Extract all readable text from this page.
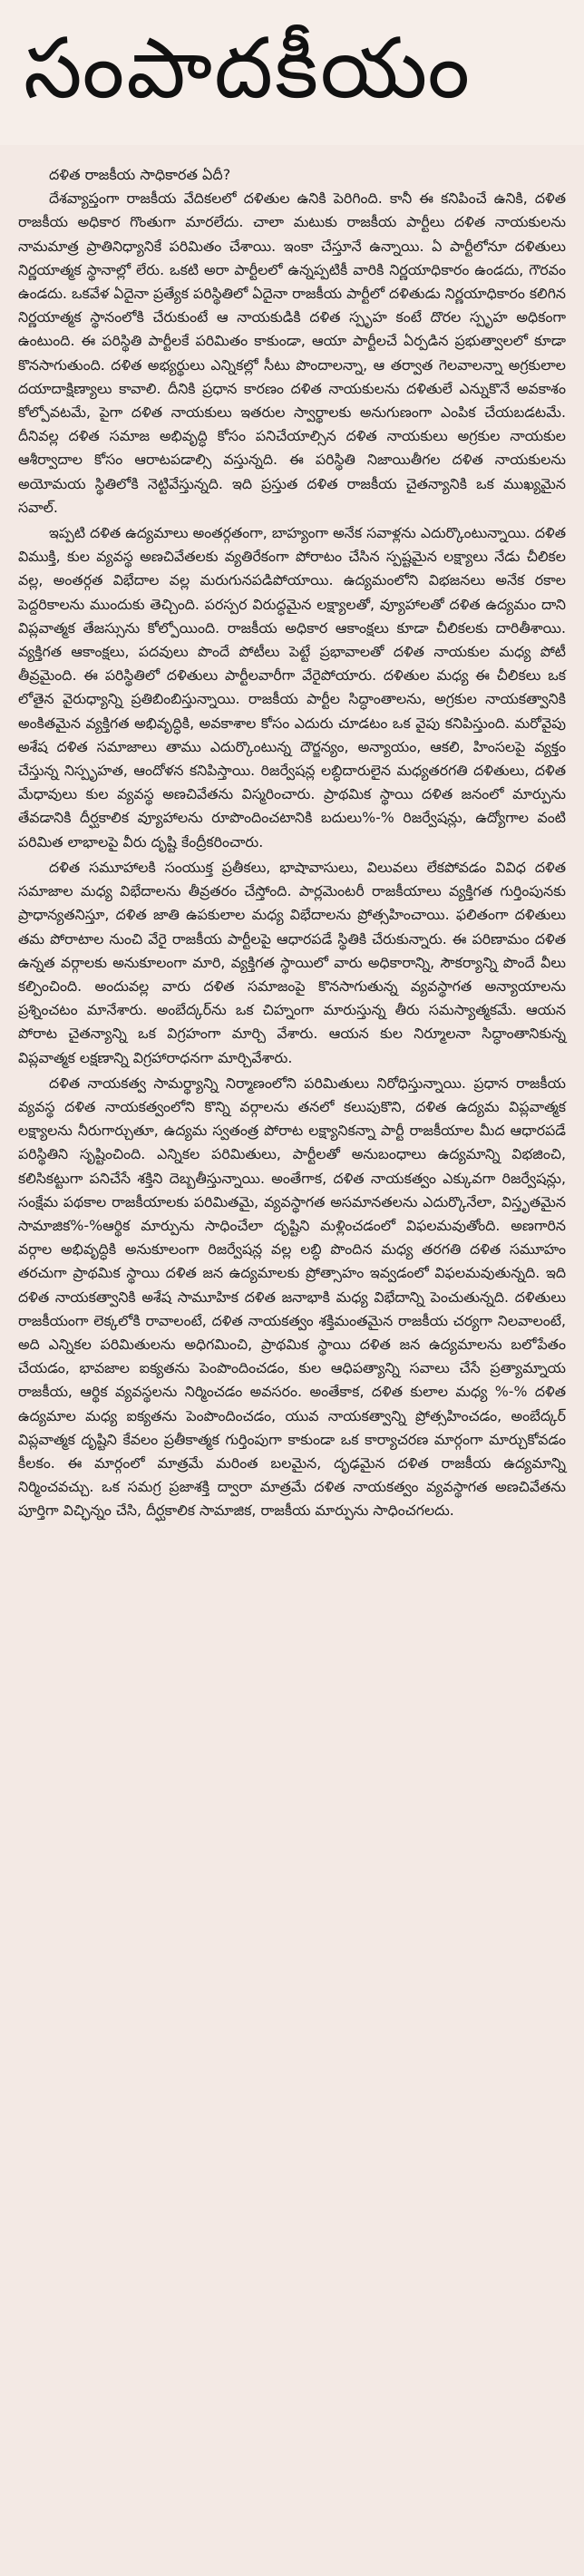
సంపాదకీయం
దళిత రాజకీయ సాధికారత ఏదీ?

దేశవ్యాప్తంగా రాజకీయ వేదికలలో దళితుల ఉనికి పెరిగింది. కానీ ఈ కనిపించే ఉనికి, దళిత రాజకీయ అధికార గొంతుగా మారలేదు. చాలా మటుకు రాజకీయ పార్టీలు దళిత నాయకులను నామమాత్ర ప్రాతినిధ్యానికే పరిమితం చేశాయి. ఇంకా చేస్తూనే ఉన్నాయి. ఏ పార్టీలోనూ దళితులు నిర్ణయాత్మక స్థానాల్లో లేరు. ఒకటి అరా పార్టీలలో ఉన్నప్పటికీ వారికి నిర్ణయాధికారం ఉండదు, గౌరవం ఉండదు. ఒకవేళ ఏదైనా ప్రత్యేక పరిస్థితిలో ఏదైనా రాజకీయ పార్టీలో దళితుడు నిర్ణయాధికారం కలిగిన నిర్ణయాత్మక స్థానంలోకి చేరుకుంటే ఆ నాయకుడికి దళిత స్పృహ కంటే దొరల స్పృహ అధికంగా ఉంటుంది. ఈ పరిస్థితి పార్టీలకే పరిమితం కాకుండా, ఆయా పార్టీలచే ఏర్పడిన ప్రభుత్వాలలో కూడా కొనసాగుతుంది. దళిత అభ్యర్థులు ఎన్నికల్లో సీటు పొందాలన్నా, ఆ తర్వాత గెలవాలన్నా అగ్రకులాల దయాదాక్షిణ్యాలు కావాలి. దీనికి ప్రధాన కారణం దళిత నాయకులను దళితులే ఎన్నుకొనే అవకాశం కోల్పోవటమే, పైగా దళిత నాయకులు ఇతరుల స్వార్థాలకు అనుగుణంగా ఎంపిక చేయబడటమే. దీనివల్ల దళిత సమాజ అభివృద్ధి కోసం పనిచేయాల్సిన దళిత నాయకులు అగ్రకుల నాయకుల ఆశీర్వాదాల కోసం ఆరాటపడాల్సి వస్తున్నది. ఈ పరిస్థితి నిజాయితీగల దళిత నాయకులను అయోమయ స్థితిలోకి నెట్టివేస్తున్నది. ఇది ప్రస్తుత దళిత రాజకీయ చైతన్యానికి ఒక ముఖ్యమైన సవాల్.

ఇప్పటి దళిత ఉద్యమాలు అంతర్గతంగా, బాహ్యంగా అనేక సవాళ్లను ఎదుర్కొంటున్నాయి. దళిత విముక్తి, కుల వ్యవస్థ అణచివేతలకు వ్యతిరేకంగా పోరాటం చేసిన స్పష్టమైన లక్ష్యాలు నేడు చీలికల వల్ల, అంతర్గత విభేదాల వల్ల మరుగునపడిపోయాయి. ఉద్యమంలోని విభజనలు అనేక రకాల పెద్దరికాలను ముందుకు తెచ్చింది. పరస్పర విరుద్ధమైన లక్ష్యాలతో, వ్యూహాలతో దళిత ఉద్యమం దాని విప్లవాత్మక తేజస్సును కోల్పోయింది. రాజకీయ అధికార ఆకాంక్షలు కూడా చీలికలకు దారితీశాయి. వ్యక్తిగత ఆకాంక్షలు, పదవులు పొందే పోటీలు పెట్టే ప్రభావాలతో దళిత నాయకుల మధ్య పోటీ తీవ్రమైంది. ఈ పరిస్థితిలో దళితులు పార్టీలవారీగా వేరైపోయారు. దళితుల మధ్య ఈ చీలికలు ఒక లోతైన వైరుధ్యాన్ని ప్రతిబింబిస్తున్నాయి. రాజకీయ పార్టీల సిద్ధాంతాలను, అగ్రకుల నాయకత్వానికి అంకితమైన వ్యక్తిగత అభివృద్ధికి, అవకాశాల కోసం ఎదురు చూడటం ఒక వైపు కనిపిస్తుంది. మరోవైపు అశేష దళిత సమాజాలు తాము ఎదుర్కొంటున్న దౌర్జన్యం, అన్యాయం, ఆకలి, హింసలపై వ్యక్తం చేస్తున్న నిస్పృహత, ఆందోళన కనిపిస్తాయి. రిజర్వేషన్ల లబ్ధిదారులైన మధ్యతరగతి దళితులు, దళిత మేధావులు కుల వ్యవస్థ అణచివేతను విస్మరించారు. ప్రాథమిక స్థాయి దళిత జనంలో మార్పును తేవడానికి దీర్ఘకాలిక వ్యూహాలను రూపొందించటానికి బదులు%-% రిజర్వేషన్లు, ఉద్యోగాల వంటి పరిమిత లాభాలపై వీరు దృష్టి కేంద్రీకరించారు.

దళిత సమూహాలకి సంయుక్త ప్రతీకలు, భాషావాసులు, విలువలు లేకపోవడం వివిధ దళిత సమాజాల మధ్య విభేదాలను తీవ్రతరం చేస్తోంది. పార్లమెంటరీ రాజకీయాలు వ్యక్తిగత గుర్తింపునకు ప్రాధాన్యతనిస్తూ, దళిత జాతి ఉపకులాల మధ్య విభేదాలను ప్రోత్సహించాయి. ఫలితంగా దళితులు తమ పోరాటాల నుంచి వేరై రాజకీయ పార్టీలపై ఆధారపడే స్థితికి చేరుకున్నారు. ఈ పరిణామం దళిత ఉన్నత వర్గాలకు అనుకూలంగా మారి, వ్యక్తిగత స్థాయిలో వారు అధికారాన్ని, సౌకర్యాన్ని పొందే వీలు కల్పించింది. అందువల్ల వారు దళిత సమాజంపై కొనసాగుతున్న వ్యవస్థాగత అన్యాయాలను ప్రశ్నించటం మానేశారు. అంబేద్కర్‌ను ఒక చిహ్నంగా మారుస్తున్న తీరు సమస్యాత్మకమే. ఆయన పోరాట చైతన్యాన్ని ఒక విగ్రహంగా మార్చి వేశారు. ఆయన కుల నిర్మూలనా సిద్ధాంతానికున్న విప్లవాత్మక లక్షణాన్ని విగ్రహారాధనగా మార్చివేశారు.

దళిత నాయకత్వ సామర్థ్యాన్ని నిర్మాణంలోని పరిమితులు నిరోధిస్తున్నాయి. ప్రధాన రాజకీయ వ్యవస్థ దళిత నాయకత్వంలోని కొన్ని వర్గాలను తనలో కలుపుకొని, దళిత ఉద్యమ విప్లవాత్మక లక్ష్యాలను నీరుగార్చుతూ, ఉద్యమ స్వతంత్ర పోరాట లక్ష్యానికన్నా పార్టీ రాజకీయాల మీద ఆధారపడే పరిస్థితిని సృష్టించింది. ఎన్నికల పరిమితులు, పార్టీలతో అనుబంధాలు ఉద్యమాన్ని విభజించి, కలిసికట్టుగా పనిచేసే శక్తిని దెబ్బతీస్తున్నాయి. అంతేగాక, దళిత నాయకత్వం ఎక్కువగా రిజర్వేషన్లు, సంక్షేమ పథకాల రాజకీయాలకు పరిమితమై, వ్యవస్థాగత అసమానతలను ఎదుర్కొనేలా, విస్తృతమైన సామాజిక%-%ఆర్థిక మార్పును సాధించేలా దృష్టిని మళ్లించడంలో విఫలమవుతోంది. అణగారిన వర్గాల అభివృద్ధికి అనుకూలంగా రిజర్వేషన్ల వల్ల లబ్ధి పొందిన మధ్య తరగతి దళిత సమూహం తరచుగా ప్రాథమిక స్థాయి దళిత జన ఉద్యమాలకు ప్రోత్సాహం ఇవ్వడంలో విఫలమవుతున్నది. ఇది దళిత నాయకత్వానికి అశేష సామూహిక దళిత జనాభాకి మధ్య విభేదాన్ని పెంచుతున్నది. దళితులు రాజకీయంగా లెక్కలోకి రావాలంటే, దళిత నాయకత్వం శక్తిమంతమైన రాజకీయ చర్యగా నిలవాలంటే, అది ఎన్నికల పరిమితులను అధిగమించి, ప్రాథమిక స్థాయి దళిత జన ఉద్యమాలను బలోపేతం చేయడం, భావజాల ఐక్యతను పెంపొందించడం, కుల ఆధిపత్యాన్ని సవాలు చేసే ప్రత్యామ్నాయ రాజకీయ, ఆర్థిక వ్యవస్థలను నిర్మించడం అవసరం. అంతేకాక, దళిత కులాల మధ్య %-% దళిత ఉద్యమాల మధ్య ఐక్యతను పెంపొందించడం, యువ నాయకత్వాన్ని ప్రోత్సహించడం, అంబేద్కర్ విప్లవాత్మక దృష్టిని కేవలం ప్రతీకాత్మక గుర్తింపుగా కాకుండా ఒక కార్యాచరణ మార్గంగా మార్చుకోవడం కీలకం. ఈ మార్గంలో మాత్రమే మరింత బలమైన, దృఢమైన దళిత రాజకీయ ఉద్యమాన్ని నిర్మించవచ్చు. ఒక సమగ్ర ప్రజాశక్తి ద్వారా మాత్రమే దళిత నాయకత్వం వ్యవస్థాగత అణచివేతను పూర్తిగా విచ్ఛిన్నం చేసి, దీర్ఘకాలిక సామాజిక, రాజకీయ మార్పును సాధించగలదు.
